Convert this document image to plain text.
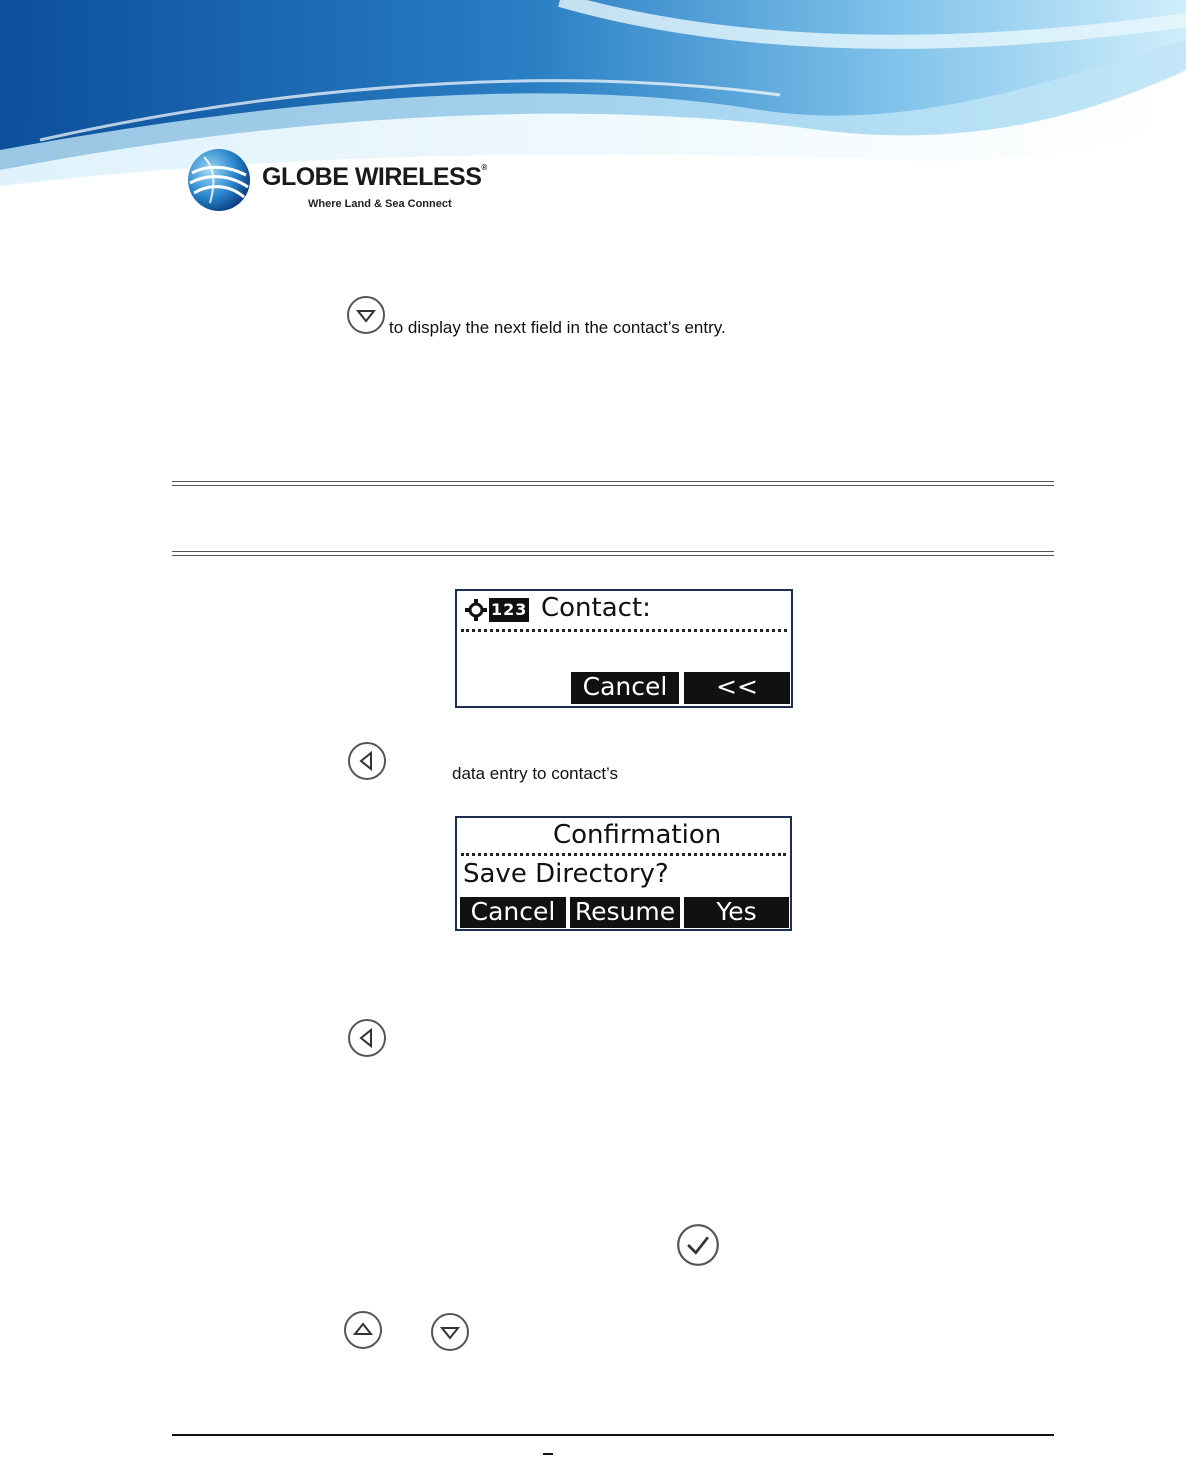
GLOBE WIRELESS®
Where Land & Sea Connect
to display the next field in the contact’s entry.
123 Contact:
Cancel	<<
data entry to contact’s
Confirmation
Save Directory?
Cancel Resume	Yes
